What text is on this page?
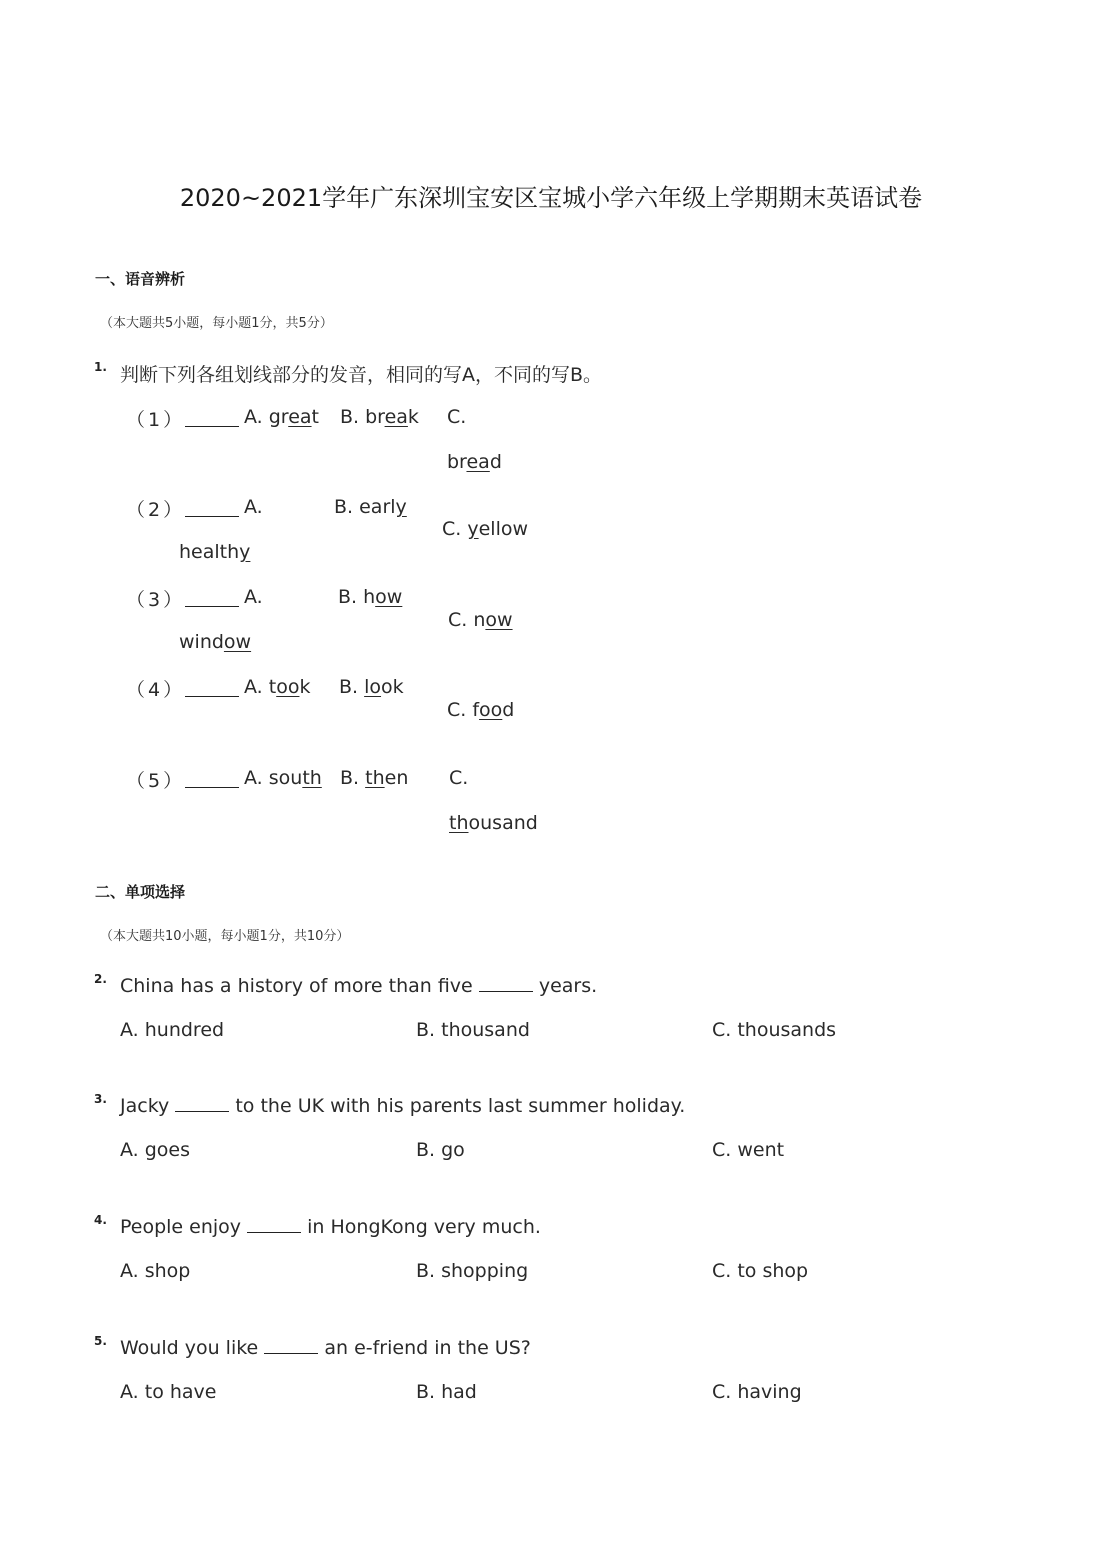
2020~2021学年广东深圳宝安区宝城小学六年级上学期期末英语试卷
一、语音辨析
（本大题共5小题，每小题1分，共5分）
1. 判断下列各组划线部分的发音，相同的写A，不同的写B。
（1）	A. great B. break C.
bread
（2）	A.
healthy
B. early
C. yellow
（3）	A.
window
B. how
C. now
（4）	A. took B. look
C. food
（5）	A. south B. then C.
thousand
二、单项选择
（本大题共10小题，每小题1分，共10分）
2. China has a history of more than five	years.
A. hundred	B. thousand	C. thousands
3. Jacky	to the UK with his parents last summer holiday.
A. goes	B. go	C. went
4. People enjoy	in HongKong very much.
A. shop	B. shopping	C. to shop
5. Would you like	an e-friend in the US?
A. to have	B. had	C. having
